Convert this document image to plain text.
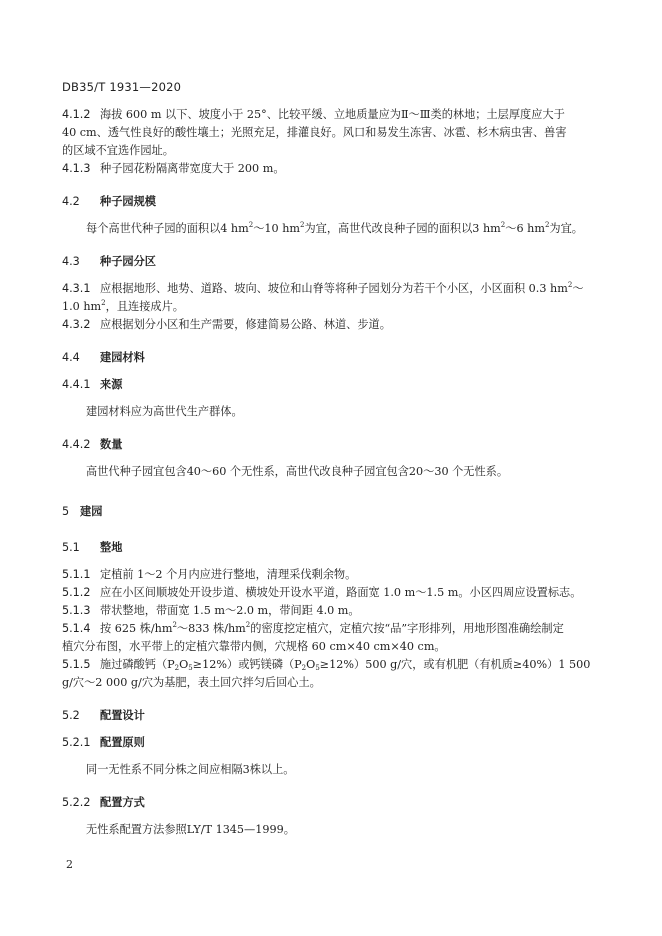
DB35/T 1931—2020

4.1.2 海拔 600 m 以下、坡度小于 25°、比较平缓、立地质量应为Ⅱ～Ⅲ类的林地；土层厚度应大于

40 cm、透气性良好的酸性壤土；光照充足，排灌良好。风口和易发生冻害、冰雹、杉木病虫害、兽害

的区域不宜选作园址。

4.1.3 种子园花粉隔离带宽度大于 200 m。

4.2 种子园规模

每个高世代种子园的面积以4 $hm^2\sim 10$ $hm^2$为宜，高世代改良种子园的面积以3 $hm^2\sim 6$ $hm^2$为宜。

4.3 种子园分区

4.3.1 应根据地形、地势、道路、坡向、坡位和山脊等将种子园划分为若干个小区，小区面积 0.3 $hm^2\sim$

1.0 $hm^2$，且连接成片。

4.3.2 应根据划分小区和生产需要，修建简易公路、林道、步道。

4.4 建园材料

4.4.1 来源

建园材料应为高世代生产群体。

4.4.2 数量

高世代种子园宜包含40～60 个无性系，高世代改良种子园宜包含20～30 个无性系。

5 建园

5.1 整地

5.1.1 定植前 1～2 个月内应进行整地，清理采伐剩余物。

5.1.2 应在小区间顺坡处开设步道、横坡处开设水平道，路面宽 1.0 m～1.5 m。小区四周应设置标志。

5.1.3 带状整地，带面宽 1.5 m～2.0 m，带间距 4.0 m。

5.1.4 按 625 株$/hm^2\sim 833$ 株$/hm^2$的密度挖定植穴，定植穴按“品”字形排列，用地形图准确绘制定

植穴分布图，水平带上的定植穴靠带内侧，穴规格 60 cm×40 cm×40 cm。

5.1.5 施过磷酸钙$(P_2O_5\ge 12\%)$或钙镁磷$(P_2O_5\ge 12\%)500$ g/穴，或有机肥（有机质≥40%）1 500

g/穴～2 000 g/穴为基肥，表土回穴拌匀后回心土。

5.2 配置设计

5.2.1 配置原则

同一无性系不同分株之间应相隔3株以上。

5.2.2 配置方式

无性系配置方法参照LY/T 1345—1999。

2
